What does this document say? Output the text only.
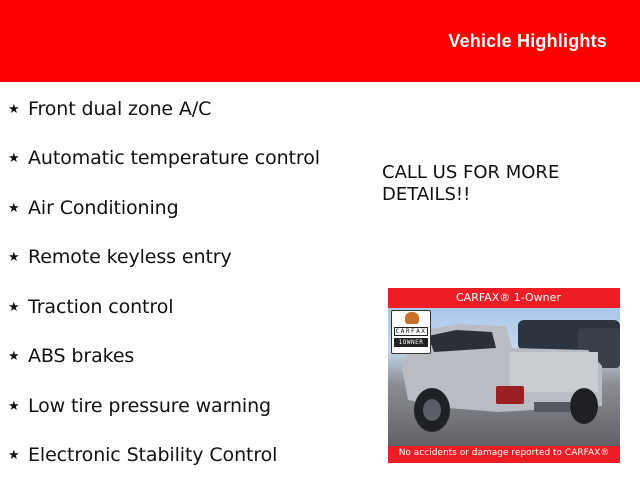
Vehicle Highlights
★ Front dual zone A/C
★ Automatic temperature control
★ Air Conditioning
★ Remote keyless entry
★ Traction control
★ ABS brakes
★ Low tire pressure warning
★ Electronic Stability Control
CALL US FOR MORE
DETAILS!!
CARFAX® 1-Owner
CARFAX
1OWNER
No accidents or damage reported to CARFAX®
